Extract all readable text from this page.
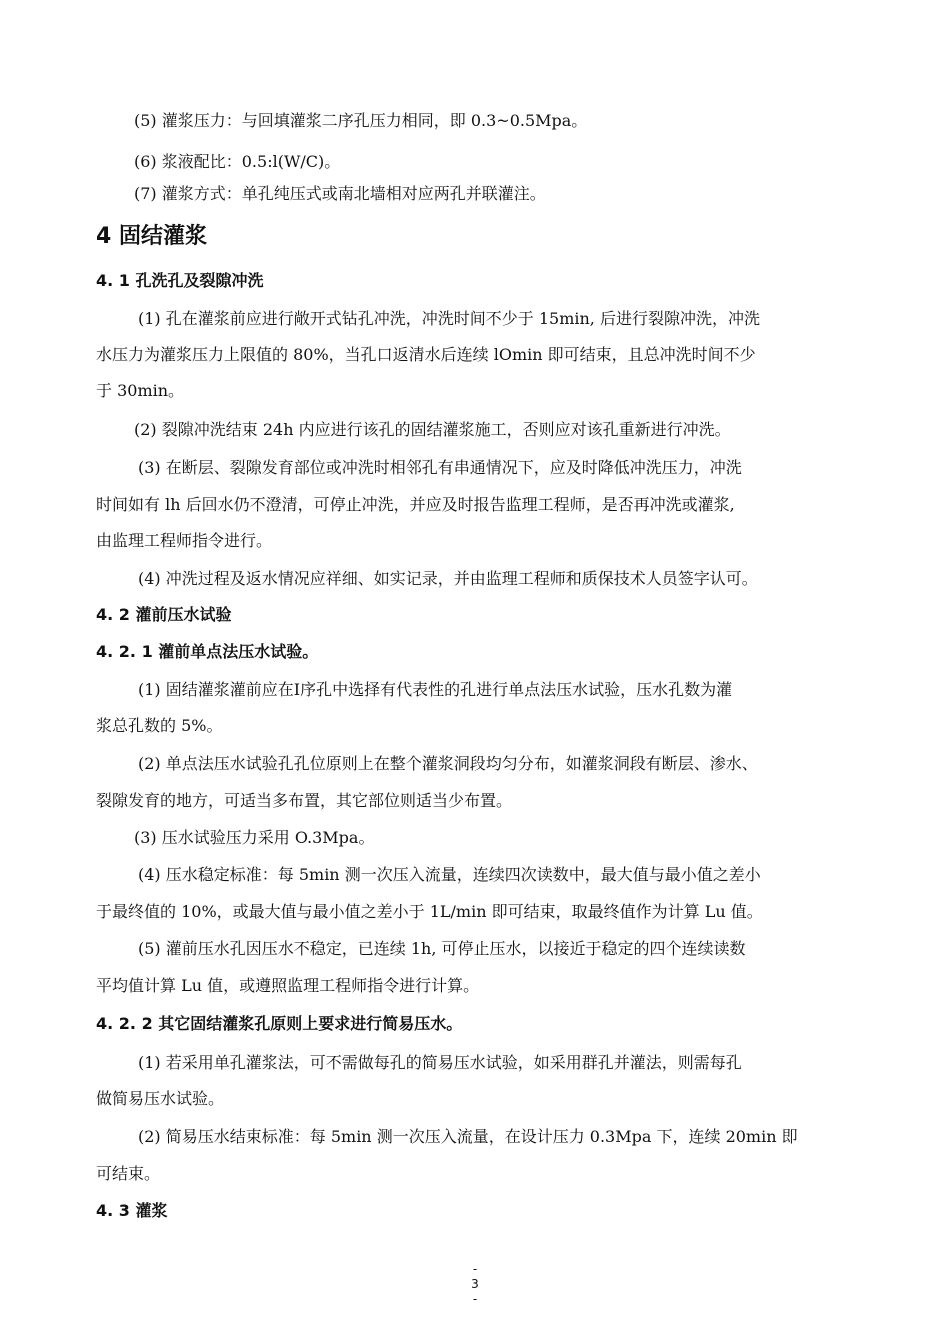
(5) 灌浆压力：与回填灌浆二序孔压力相同，即 0.3~0.5Mpa。

(6) 浆液配比：0.5:l(W/C)。

(7) 灌浆方式：单孔纯压式或南北墙相对应两孔并联灌注。

4 固结灌浆
4. 1 孔洗孔及裂隙冲洗

(1) 孔在灌浆前应进行敞开式钻孔冲洗，冲洗时间不少于 15min, 后进行裂隙冲洗，冲洗

水压力为灌浆压力上限值的 80%，当孔口返清水后连续 lOmin 即可结束，且总冲洗时间不少

于 30min。

(2) 裂隙冲洗结束 24h 内应进行该孔的固结灌浆施工，否则应对该孔重新进行冲洗。

(3) 在断层、裂隙发育部位或冲洗时相邻孔有串通情况下，应及时降低冲洗压力，冲洗

时间如有 lh 后回水仍不澄清，可停止冲洗，并应及时报告监理工程师，是否再冲洗或灌浆,

由监理工程师指令进行。

(4) 冲洗过程及返水情况应祥细、如实记录，并由监理工程师和质保技术人员签字认可。

4. 2 灌前压水试验
4. 2. 1 灌前单点法压水试验。

(1) 固结灌浆灌前应在Ⅰ序孔中选择有代表性的孔进行单点法压水试验，压水孔数为灌

浆总孔数的 5%。

(2) 单点法压水试验孔孔位原则上在整个灌浆洞段均匀分布，如灌浆洞段有断层、渗水、

裂隙发育的地方，可适当多布置，其它部位则适当少布置。

(3) 压水试验压力采用 O.3Mpa。

(4) 压水稳定标准：每 5min 测一次压入流量，连续四次读数中，最大值与最小值之差小

于最终值的 10%，或最大值与最小值之差小于 1L/min 即可结束，取最终值作为计算 Lu 值。

(5) 灌前压水孔因压水不稳定，已连续 1h, 可停止压水，以接近于稳定的四个连续读数

平均值计算 Lu 值，或遵照监理工程师指令进行计算。

4. 2. 2 其它固结灌浆孔原则上要求进行简易压水。

(1) 若采用单孔灌浆法，可不需做每孔的简易压水试验，如采用群孔并灌法，则需每孔

做简易压水试验。

(2) 简易压水结束标准：每 5min 测一次压入流量，在设计压力 0.3Mpa 下，连续 20min 即

可结束。

4. 3 灌浆
-
3
-
